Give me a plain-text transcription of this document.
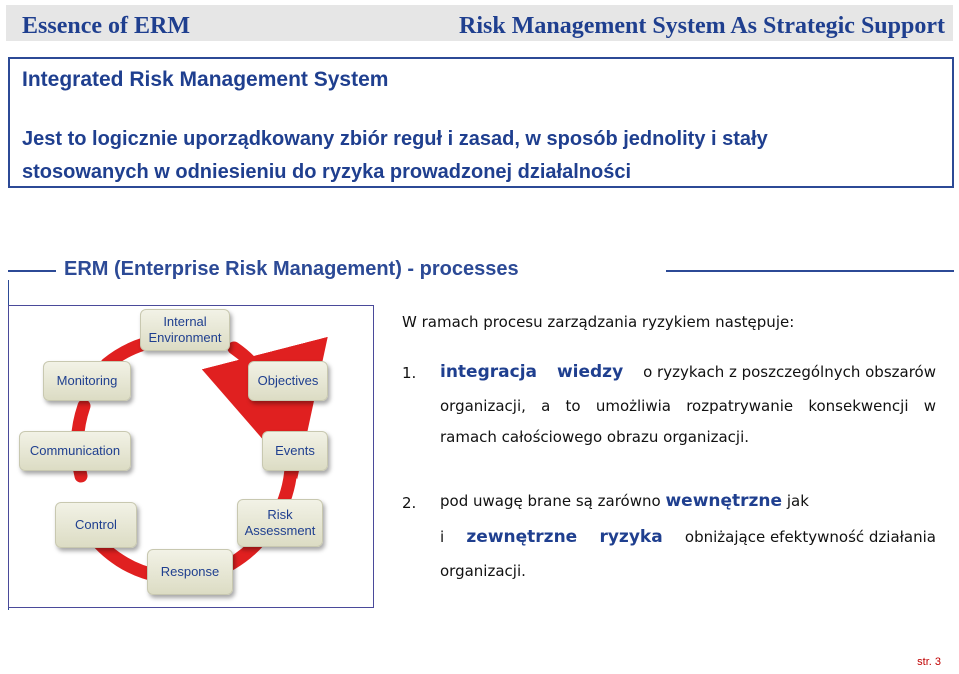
Essence of ERM	Risk Management System As Strategic Support
Integrated Risk Management System
Jest to logicznie uporządkowany zbiór reguł i zasad, w sposób jednolity i stały
stosowanych w odniesieniu do ryzyka prowadzonej działalności
ERM (Enterprise Risk Management) - processes
Internal Environment
Monitoring	Objectives
Communication	Events
Control
Risk Assessment
Response
W ramach procesu zarządzania ryzykiem następuje:
1. integracja wiedzy o ryzykach z poszczególnych obszarów
organizacji, a to umożliwia rozpatrywanie konsekwencji w
ramach całościowego obrazu organizacji.
2. pod uwagę brane są zarówno wewnętrzne jak
i zewnętrzne ryzyka obniżające efektywność działania
organizacji.
str. 3
